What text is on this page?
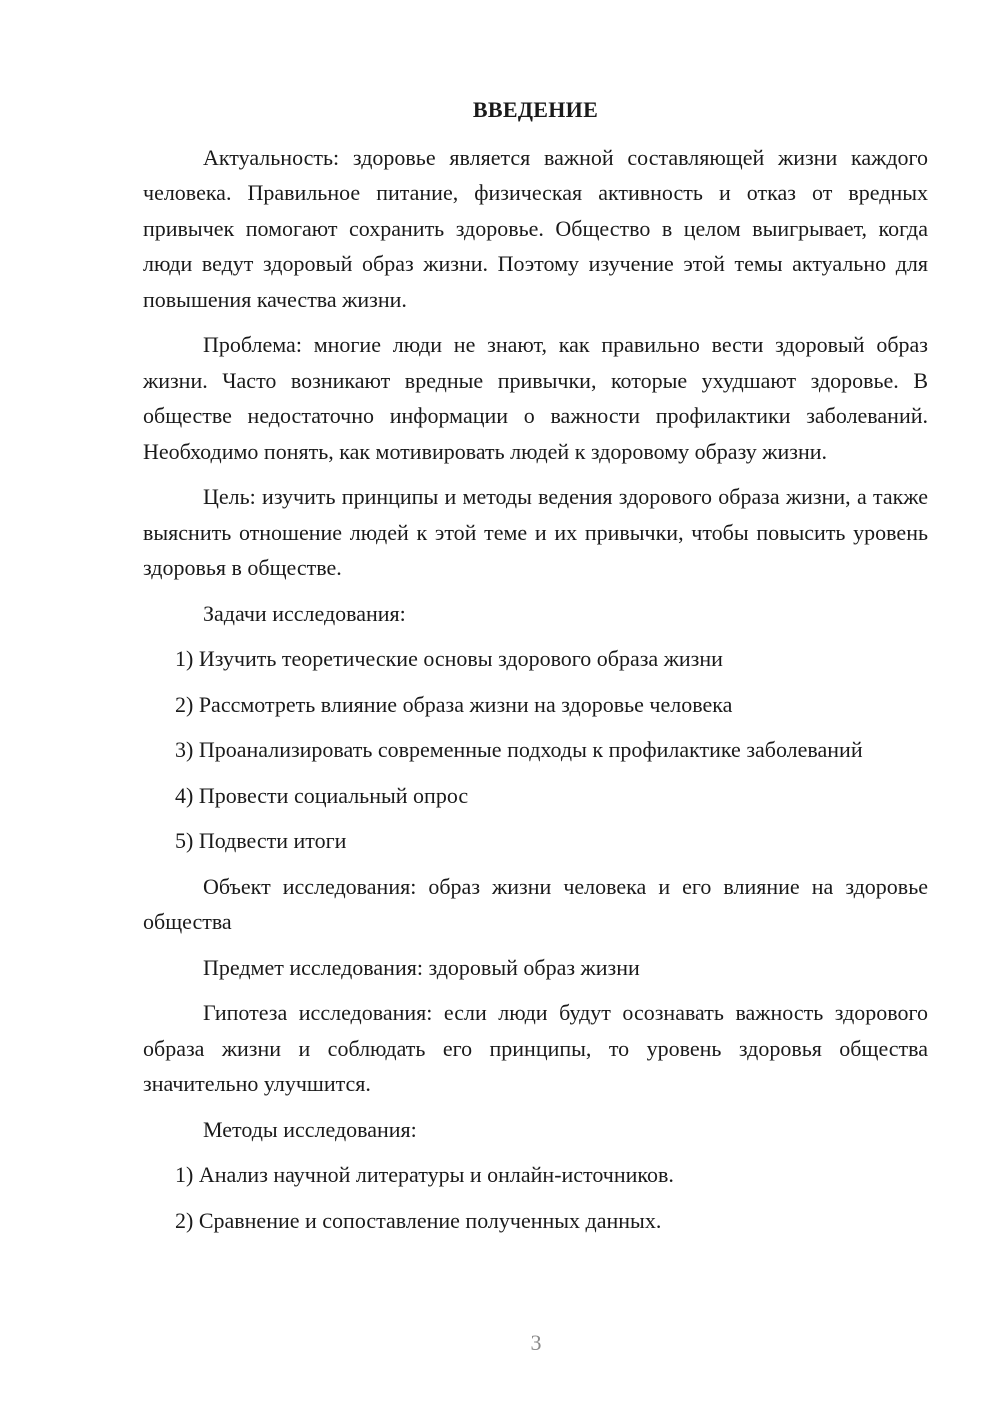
ВВЕДЕНИЕ

Актуальность: здоровье является важной составляющей жизни каждого человека. Правильное питание, физическая активность и отказ от вредных привычек помогают сохранить здоровье. Общество в целом выигрывает, когда люди ведут здоровый образ жизни. Поэтому изучение этой темы актуально для повышения качества жизни.

Проблема: многие люди не знают, как правильно вести здоровый образ жизни. Часто возникают вредные привычки, которые ухудшают здоровье. В обществе недостаточно информации о важности профилактики заболеваний. Необходимо понять, как мотивировать людей к здоровому образу жизни.

Цель: изучить принципы и методы ведения здорового образа жизни, а также выяснить отношение людей к этой теме и их привычки, чтобы повысить уровень здоровья в обществе.

Задачи исследования:

1) Изучить теоретические основы здорового образа жизни

2) Рассмотреть влияние образа жизни на здоровье человека

3) Проанализировать современные подходы к профилактике заболеваний

4) Провести социальный опрос

5) Подвести итоги

Объект исследования: образ жизни человека и его влияние на здоровье общества

Предмет исследования: здоровый образ жизни

Гипотеза исследования: если люди будут осознавать важность здорового образа жизни и соблюдать его принципы, то уровень здоровья общества значительно улучшится.

Методы исследования:

1) Анализ научной литературы и онлайн-источников.

2) Сравнение и сопоставление полученных данных.

3
